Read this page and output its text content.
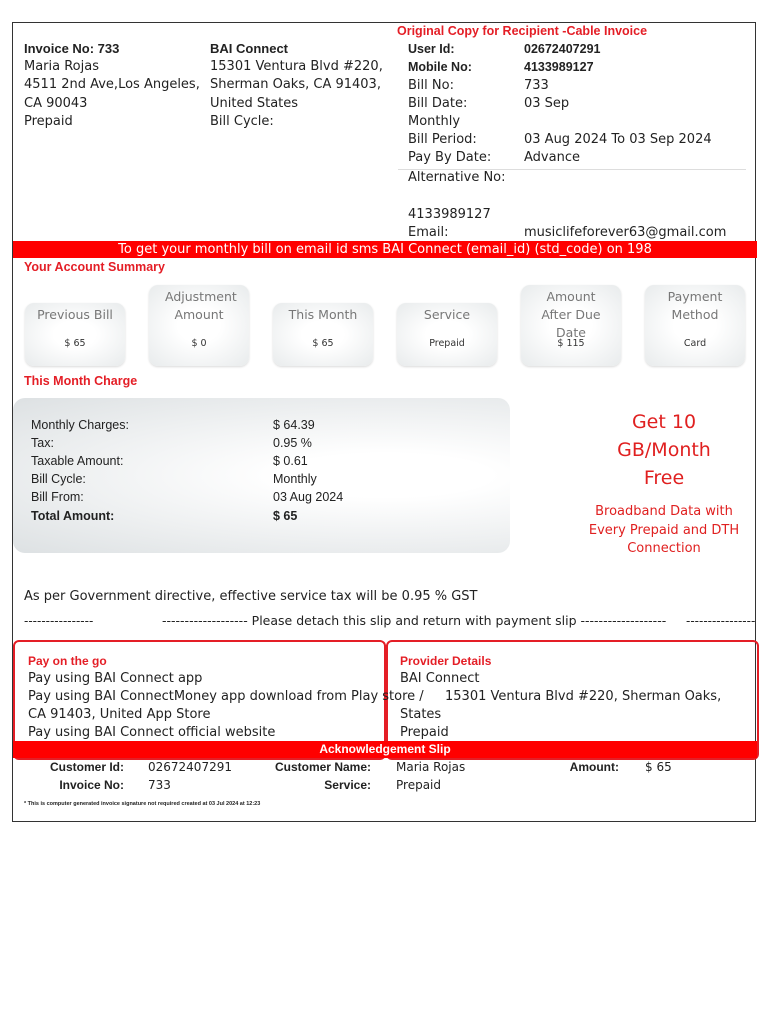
Original Copy for Recipient -Cable Invoice
Invoice No: 733
Maria Rojas
4511 2nd Ave,Los Angeles,
CA 90043
Prepaid
BAI Connect
15301 Ventura Blvd #220,
Sherman Oaks, CA 91403,
United States
Bill Cycle:
User Id:	02672407291
Mobile No:	4133989127
Bill No:	733
Bill Date:	03 Sep
Monthly
Bill Period:	03 Aug 2024 To 03 Sep 2024
Pay By Date:	Advance
Alternative No:
4133989127
Email:	musiclifeforever63@gmail.com
To get your monthly bill on email id sms BAI Connect (email_id) (std_code) on 198
Your Account Summary
Previous Bill
$ 65
Adjustment Amount
$ 0
This Month
$ 65
Service
Prepaid
Amount After Due Date
$ 115
Payment Method
Card
This Month Charge
Monthly Charges:	$ 64.39
Tax:	0.95 %
Taxable Amount:	$ 0.61
Bill Cycle:	Monthly
Bill From:	03 Aug 2024
Total Amount:	$ 65
Get 10
GB/Month
Free
Broadband Data with
Every Prepaid and DTH
Connection
As per Government directive, effective service tax will be 0.95 % GST
----------------	------------------- Please detach this slip and return with payment slip ------------------- ----------------
Pay on the go
Pay using BAI Connect app
Pay using BAI ConnectMoney app download from Play store /
CA 91403, United App Store
Pay using BAI Connect official website
Provider Details
BAI Connect
15301 Ventura Blvd #220, Sherman Oaks,
States
Prepaid
Acknowledgement Slip
Customer Id: 02672407291	Customer Name: Maria Rojas	Amount: $ 65
Invoice No: 733	Service: Prepaid
* This is computer generated invoice signature not required created at 03 Jul 2024 at 12:23
